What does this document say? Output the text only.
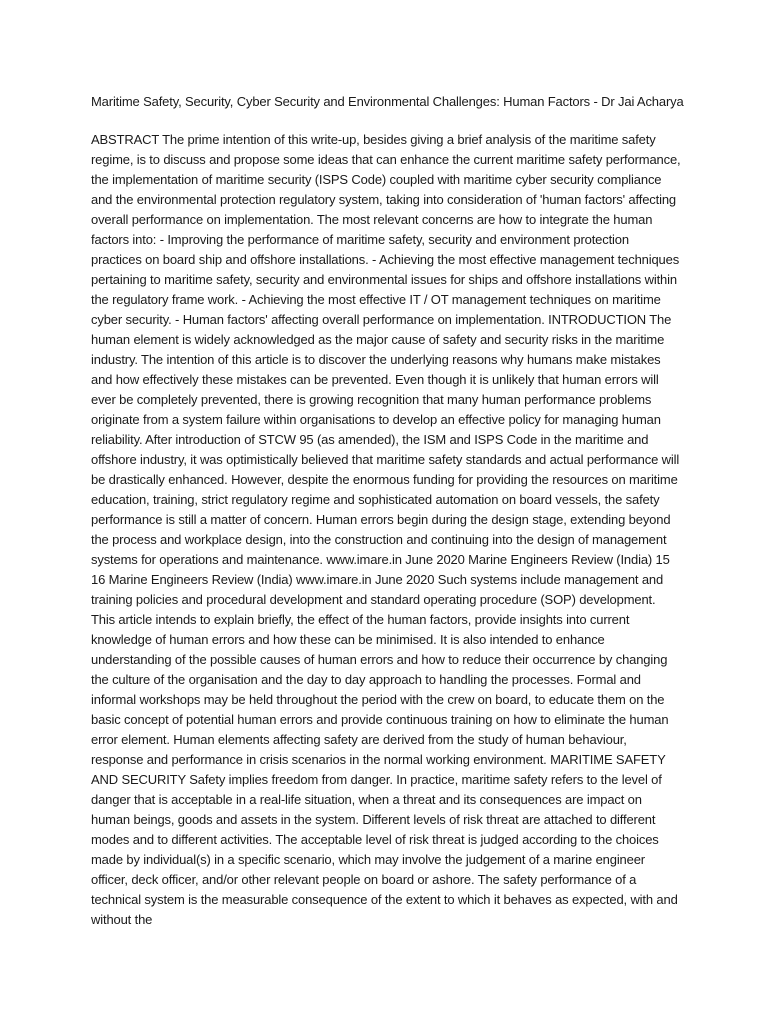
Maritime Safety, Security, Cyber Security and Environmental Challenges: Human Factors - Dr Jai Acharya

ABSTRACT The prime intention of this write-up, besides giving a brief analysis of the maritime safety regime, is to discuss and propose some ideas that can enhance the current maritime safety performance, the implementation of maritime security (ISPS Code) coupled with maritime cyber security compliance and the environmental protection regulatory system, taking into consideration of 'human factors' affecting overall performance on implementation. The most relevant concerns are how to integrate the human factors into: - Improving the performance of maritime safety, security and environment protection practices on board ship and offshore installations. - Achieving the most effective management techniques pertaining to maritime safety, security and environmental issues for ships and offshore installations within the regulatory frame work. - Achieving the most effective IT / OT management techniques on maritime cyber security. - Human factors' affecting overall performance on implementation. INTRODUCTION The human element is widely acknowledged as the major cause of safety and security risks in the maritime industry. The intention of this article is to discover the underlying reasons why humans make mistakes and how effectively these mistakes can be prevented. Even though it is unlikely that human errors will ever be completely prevented, there is growing recognition that many human performance problems originate from a system failure within organisations to develop an effective policy for managing human reliability. After introduction of STCW 95 (as amended), the ISM and ISPS Code in the maritime and offshore industry, it was optimistically believed that maritime safety standards and actual performance will be drastically enhanced. However, despite the enormous funding for providing the resources on maritime education, training, strict regulatory regime and sophisticated automation on board vessels, the safety performance is still a matter of concern. Human errors begin during the design stage, extending beyond the process and workplace design, into the construction and continuing into the design of management systems for operations and maintenance. www.imare.in June 2020 Marine Engineers Review (India) 15 16 Marine Engineers Review (India) www.imare.in June 2020 Such systems include management and training policies and procedural development and standard operating procedure (SOP) development. This article intends to explain briefly, the effect of the human factors, provide insights into current knowledge of human errors and how these can be minimised. It is also intended to enhance understanding of the possible causes of human errors and how to reduce their occurrence by changing the culture of the organisation and the day to day approach to handling the processes. Formal and informal workshops may be held throughout the period with the crew on board, to educate them on the basic concept of potential human errors and provide continuous training on how to eliminate the human error element. Human elements affecting safety are derived from the study of human behaviour, response and performance in crisis scenarios in the normal working environment. MARITIME SAFETY AND SECURITY Safety implies freedom from danger. In practice, maritime safety refers to the level of danger that is acceptable in a real-life situation, when a threat and its consequences are impact on human beings, goods and assets in the system. Different levels of risk threat are attached to different modes and to different activities. The acceptable level of risk threat is judged according to the choices made by individual(s) in a specific scenario, which may involve the judgement of a marine engineer officer, deck officer, and/or other relevant people on board or ashore. The safety performance of a technical system is the measurable consequence of the extent to which it behaves as expected, with and without the
